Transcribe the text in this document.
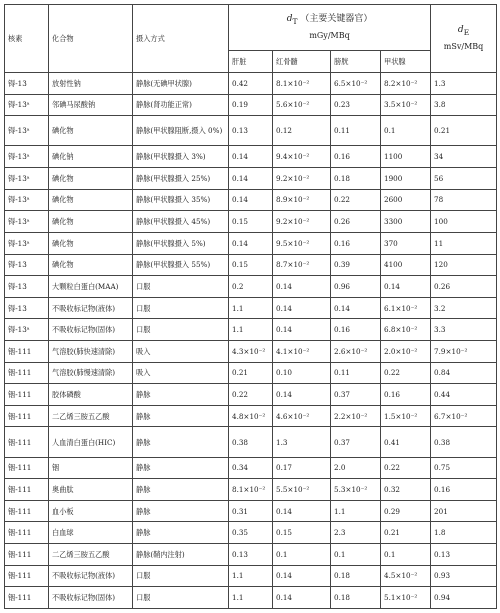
核素	化合物	摄入方式	$d_T$ （主要关键器官）
mGy/MBq				$d_E$
mSv/MBq

			肝脏	红骨髓	膀胱	甲状腺	
锝-13	放射性钠	静脉(无碘甲状腺)	0.42	8.1×10⁻²	6.5×10⁻²	8.2×10⁻²	1.3
锝-13ᵃ	邻碘马尿酸钠	静脉(肾功能正常)	0.19	5.6×10⁻²	0.23	3.5×10⁻²	3.8
锝-13ᵃ	碘化物	静脉(甲状腺阻断,摄入 0%)	0.13	0.12	0.11	0.1	0.21
锝-13ᵃ	碘化钠	静脉(甲状腺摄入 3%)	0.14	9.4×10⁻²	0.16	1100	34
锝-13ᵃ	碘化物	静脉(甲状腺摄入 25%)	0.14	9.2×10⁻²	0.18	1900	56
锝-13ᵃ	碘化物	静脉(甲状腺摄入 35%)	0.14	8.9×10⁻²	0.22	2600	78
锝-13ᵃ	碘化物	静脉(甲状腺摄入 45%)	0.15	9.2×10⁻²	0.26	3300	100
锝-13ᵃ	碘化物	静脉(甲状腺摄入 5%)	0.14	9.5×10⁻²	0.16	370	11
锝-13	碘化物	静脉(甲状腺摄入 55%)	0.15	8.7×10⁻²	0.39	4100	120
锝-13	大颗粒白蛋白(MAA)	口服	0.2	0.14	0.96	0.14	0.26
锝-13	不吸收标记物(液体)	口服	1.1	0.14	0.14	6.1×10⁻²	3.2
锝-13ᵃ	不吸收标记物(固体)	口服	1.1	0.14	0.16	6.8×10⁻²	3.3
铟-111	气溶胶(肺快速清除)	吸入	4.3×10⁻²	4.1×10⁻²	2.6×10⁻²	2.0×10⁻²	7.9×10⁻²
铟-111	气溶胶(肺慢速清除)	吸入	0.21	0.10	0.11	0.22	0.84
铟-111	胶体磷酸	静脉	0.22	0.14	0.37	0.16	0.44
铟-111	二乙烯三胺五乙酸	静脉	4.8×10⁻²	4.6×10⁻²	2.2×10⁻²	1.5×10⁻²	6.7×10⁻²
铟-111	人血清白蛋白(HIC)	静脉	0.38	1.3	0.37	0.41	0.38
铟-111	铟	静脉	0.34	0.17	2.0	0.22	0.75
铟-111	奥曲肽	静脉	8.1×10⁻²	5.5×10⁻²	5.3×10⁻²	0.32	0.16
铟-111	血小板	静脉	0.31	0.14	1.1	0.29	201
铟-111	白血球	静脉	0.35	0.15	2.3	0.21	1.8
铟-111	二乙烯三胺五乙酸	静脉(鞘内注射)	0.13	0.1	0.1	0.1	0.13
铟-111	不吸收标记物(液体)	口服	1.1	0.14	0.18	4.5×10⁻²	0.93
铟-111	不吸收标记物(固体)	口服	1.1	0.14	0.18	5.1×10⁻²	0.94
